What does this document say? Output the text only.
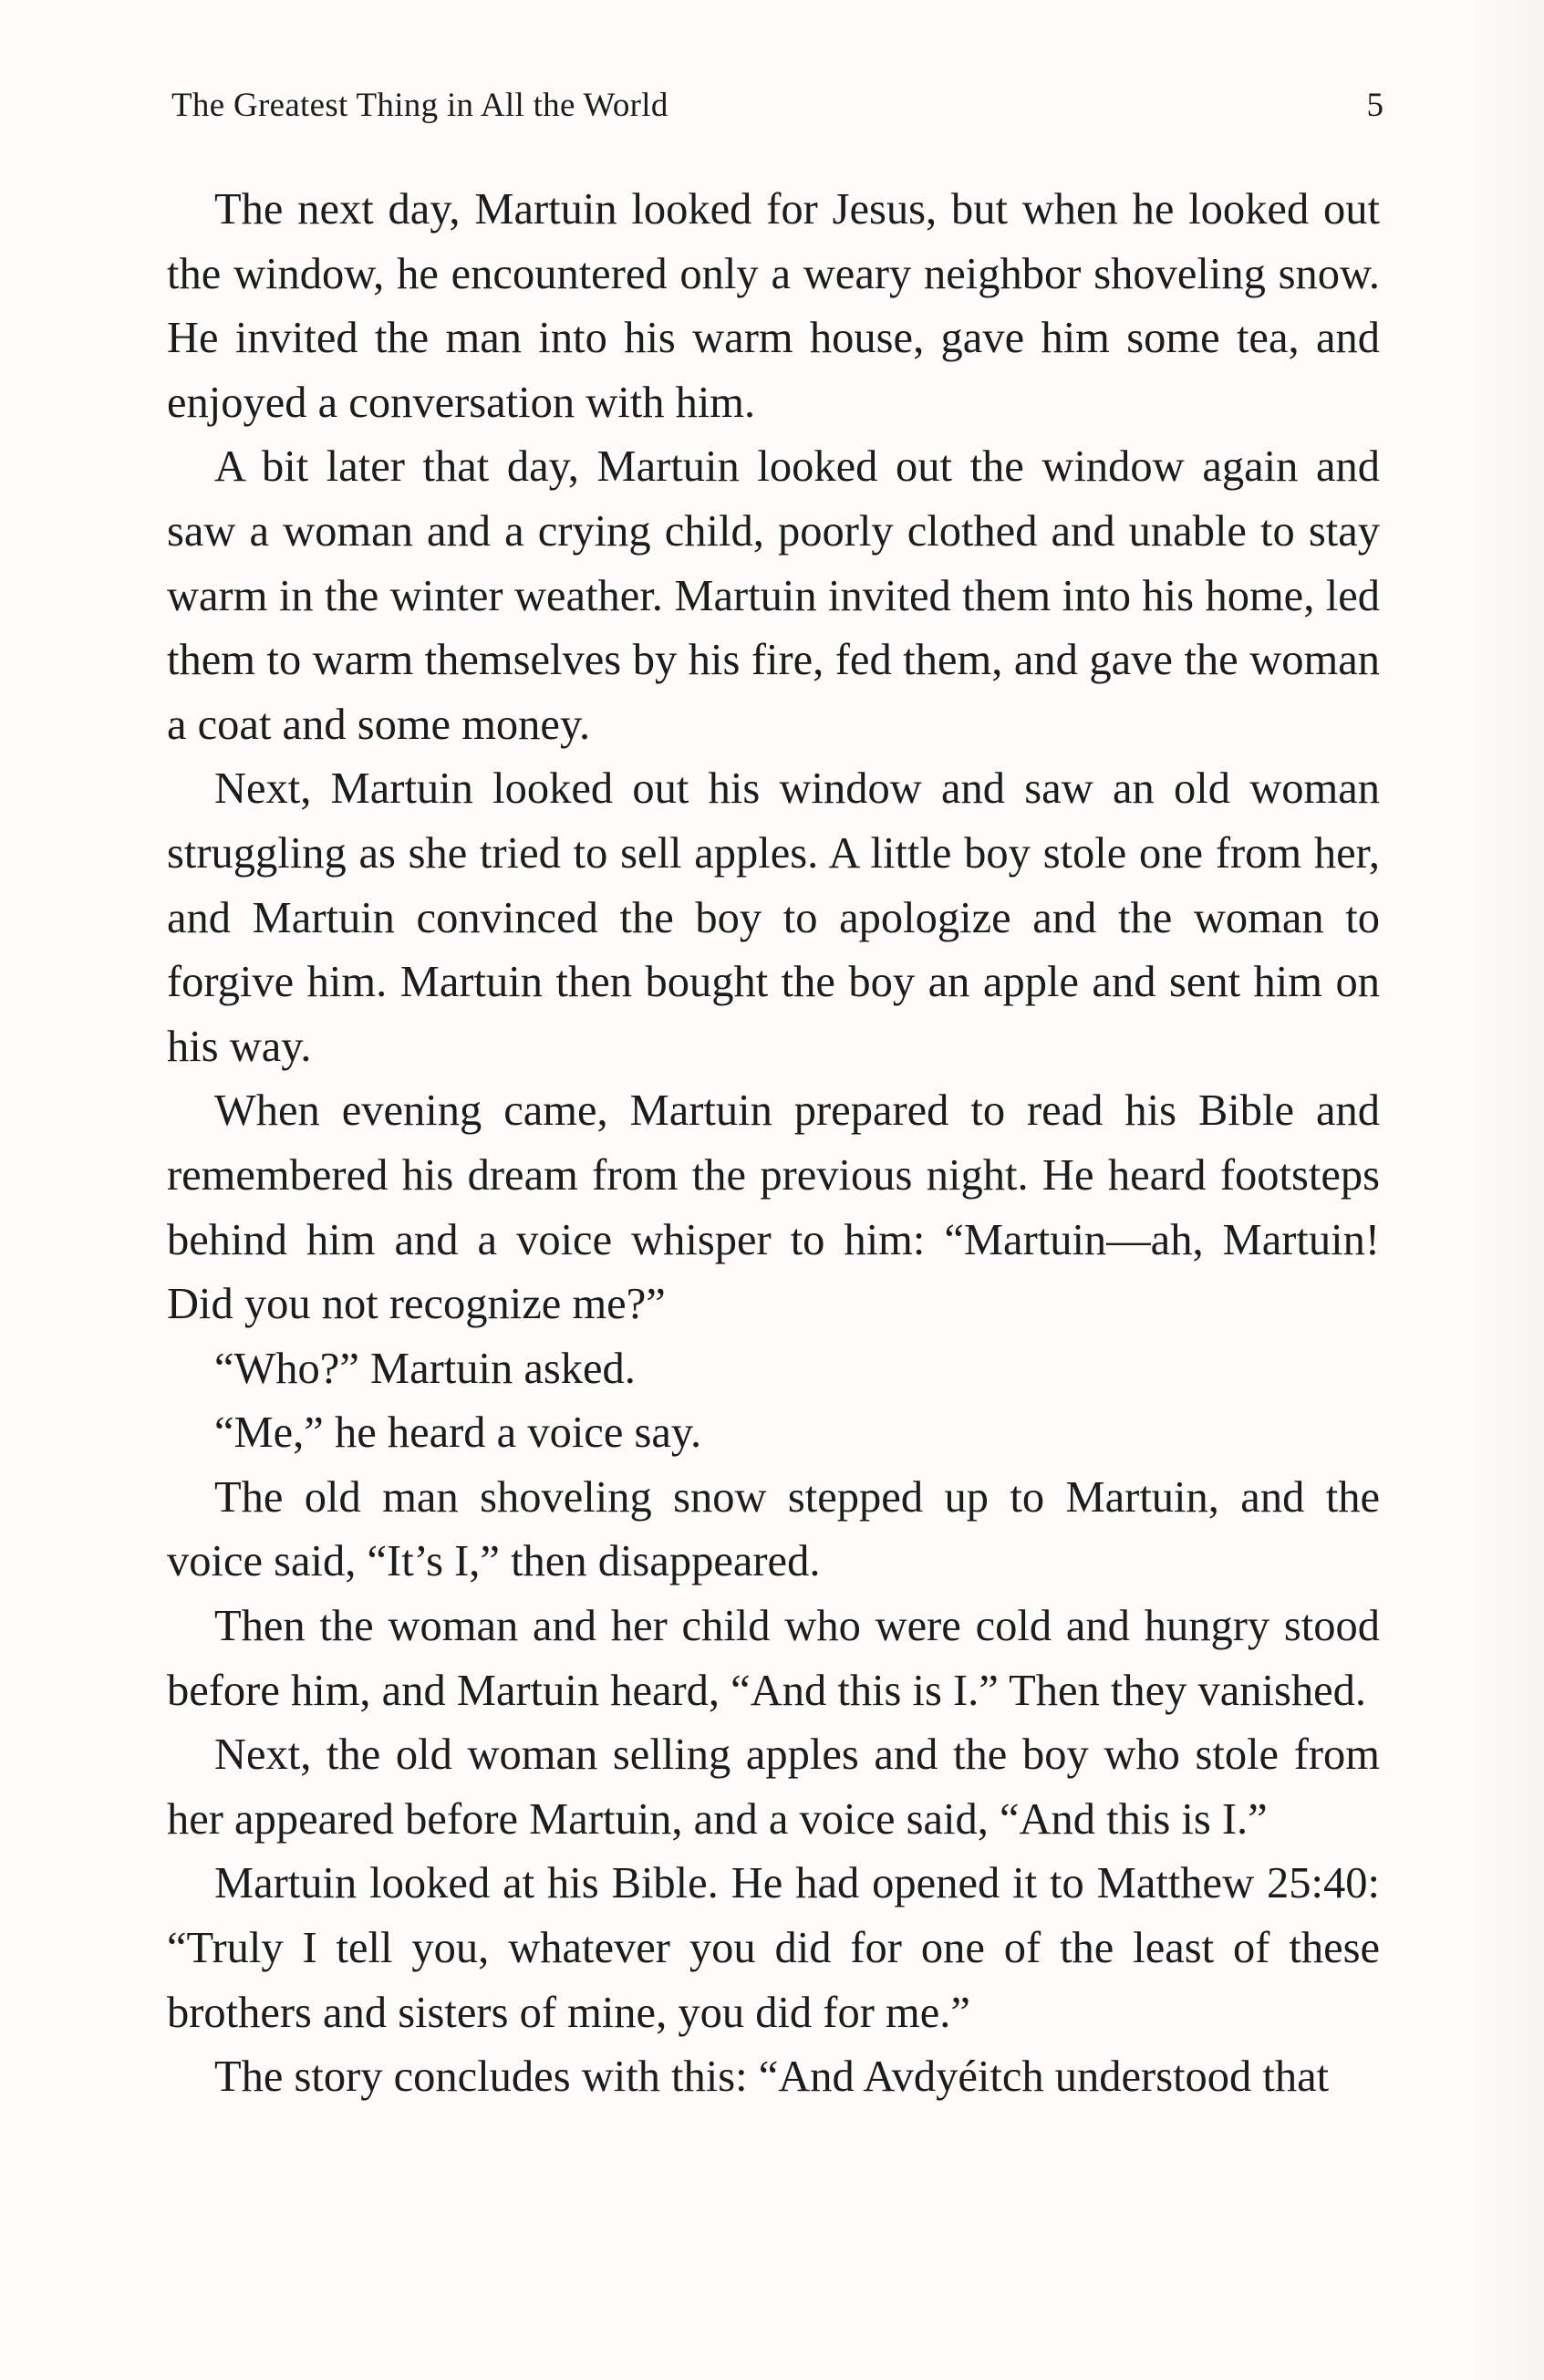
The Greatest Thing in All the World	5

The next day, Martuin looked for Jesus, but when he looked out the window, he encountered only a weary neighbor shoveling snow. He invited the man into his warm house, gave him some tea, and enjoyed a conversation with him.

A bit later that day, Martuin looked out the window again and saw a woman and a crying child, poorly clothed and unable to stay warm in the winter weather. Martuin invited them into his home, led them to warm themselves by his fire, fed them, and gave the woman a coat and some money.

Next, Martuin looked out his window and saw an old woman struggling as she tried to sell apples. A little boy stole one from her, and Martuin convinced the boy to apologize and the woman to forgive him. Martuin then bought the boy an apple and sent him on his way.

When evening came, Martuin prepared to read his Bible and remembered his dream from the previous night. He heard footsteps behind him and a voice whisper to him: “Martuin—ah, Martuin! Did you not recognize me?”

“Who?” Martuin asked.

“Me,” he heard a voice say.

The old man shoveling snow stepped up to Martuin, and the voice said, “It’s I,” then disappeared.

Then the woman and her child who were cold and hungry stood before him, and Martuin heard, “And this is I.” Then they vanished.

Next, the old woman selling apples and the boy who stole from her appeared before Martuin, and a voice said, “And this is I.”

Martuin looked at his Bible. He had opened it to Matthew 25:40: “Truly I tell you, whatever you did for one of the least of these brothers and sisters of mine, you did for me.”

The story concludes with this: “And Avdyéitch understood that
